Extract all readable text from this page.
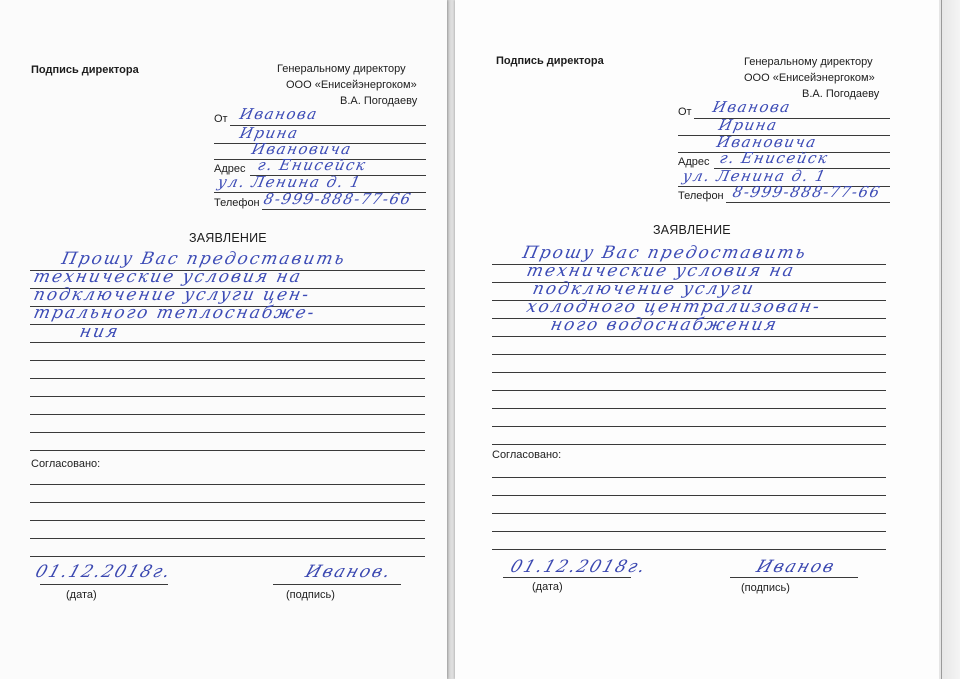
Подпись директора	Генеральному директору
ООО «Енисейэнергоком»
В.А. Погодаеву
От Иванова
Ирина
Ивановича
Адрес г. Енисейск
ул. Ленина д. 1
Телефон 8-999-888-77-66
ЗАЯВЛЕНИЕ
Прошу Вас предоставить
технические условия на
подключение услуги цен-
трального теплоснабже-
ния
Согласовано:
01.12.2018г.
(дата)
Иванов.
(подпись)
Подпись директора	Генеральному директору
ООО «Енисейэнергоком»
В.А. Погодаеву
От Иванова
Ирина
Ивановича
Адрес г. Енисейск
ул. Ленина д. 1
Телефон 8-999-888-77-66
ЗАЯВЛЕНИЕ
Прошу Вас предоставить
технические условия на
подключение услуги
холодного централизован-
ного водоснабжения
Согласовано:
01.12.2018г.
(дата)
Иванов
(подпись)
